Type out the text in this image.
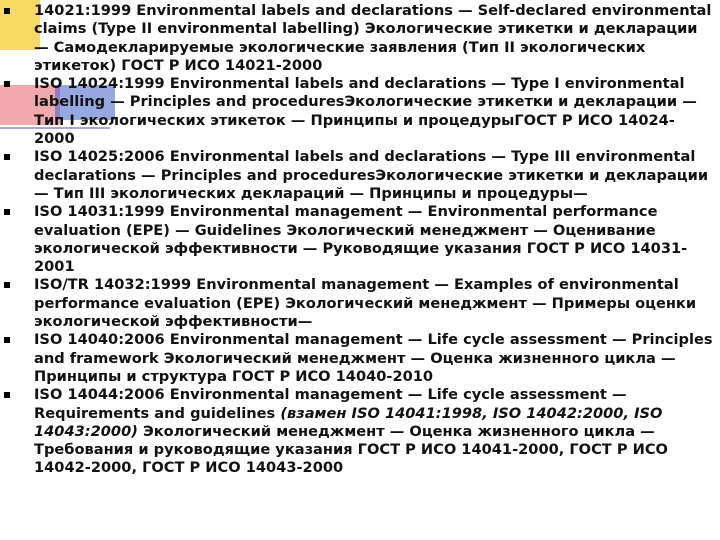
14021:1999 Environmental labels and declarations — Self-declared environmental claims (Type II environmental labelling) Экологические этикетки и декларации — Самодекларируемые экологические заявления (Тип II экологических этикеток) ГОСТ Р ИСО 14021-2000
ISO 14024:1999 Environmental labels and declarations — Type I environmental labelling — Principles and proceduresЭкологические этикетки и декларации — Тип I экологических этикеток — Принципы и процедурыГОСТ Р ИСО 14024-2000
ISO 14025:2006 Environmental labels and declarations — Type III environmental declarations — Principles and proceduresЭкологические этикетки и декларации — Тип III экологических деклараций — Принципы и процедуры—
ISO 14031:1999 Environmental management — Environmental performance evaluation (EPE) — Guidelines Экологический менеджмент — Оценивание экологической эффективности — Руководящие указания ГОСТ Р ИСО 14031-2001
ISO/TR 14032:1999 Environmental management — Examples of environmental performance evaluation (EPE) Экологический менеджмент — Примеры оценки экологической эффективности—
ISO 14040:2006 Environmental management — Life cycle assessment — Principles and framework Экологический менеджмент — Оценка жизненного цикла — Принципы и структура ГОСТ Р ИСО 14040-2010
ISO 14044:2006 Environmental management — Life cycle assessment — Requirements and guidelines (взамен ISO 14041:1998, ISO 14042:2000, ISO 14043:2000) Экологический менеджмент — Оценка жизненного цикла — Требования и руководящие указания ГОСТ Р ИСО 14041-2000, ГОСТ Р ИСО 14042-2000, ГОСТ Р ИСО 14043-2000
